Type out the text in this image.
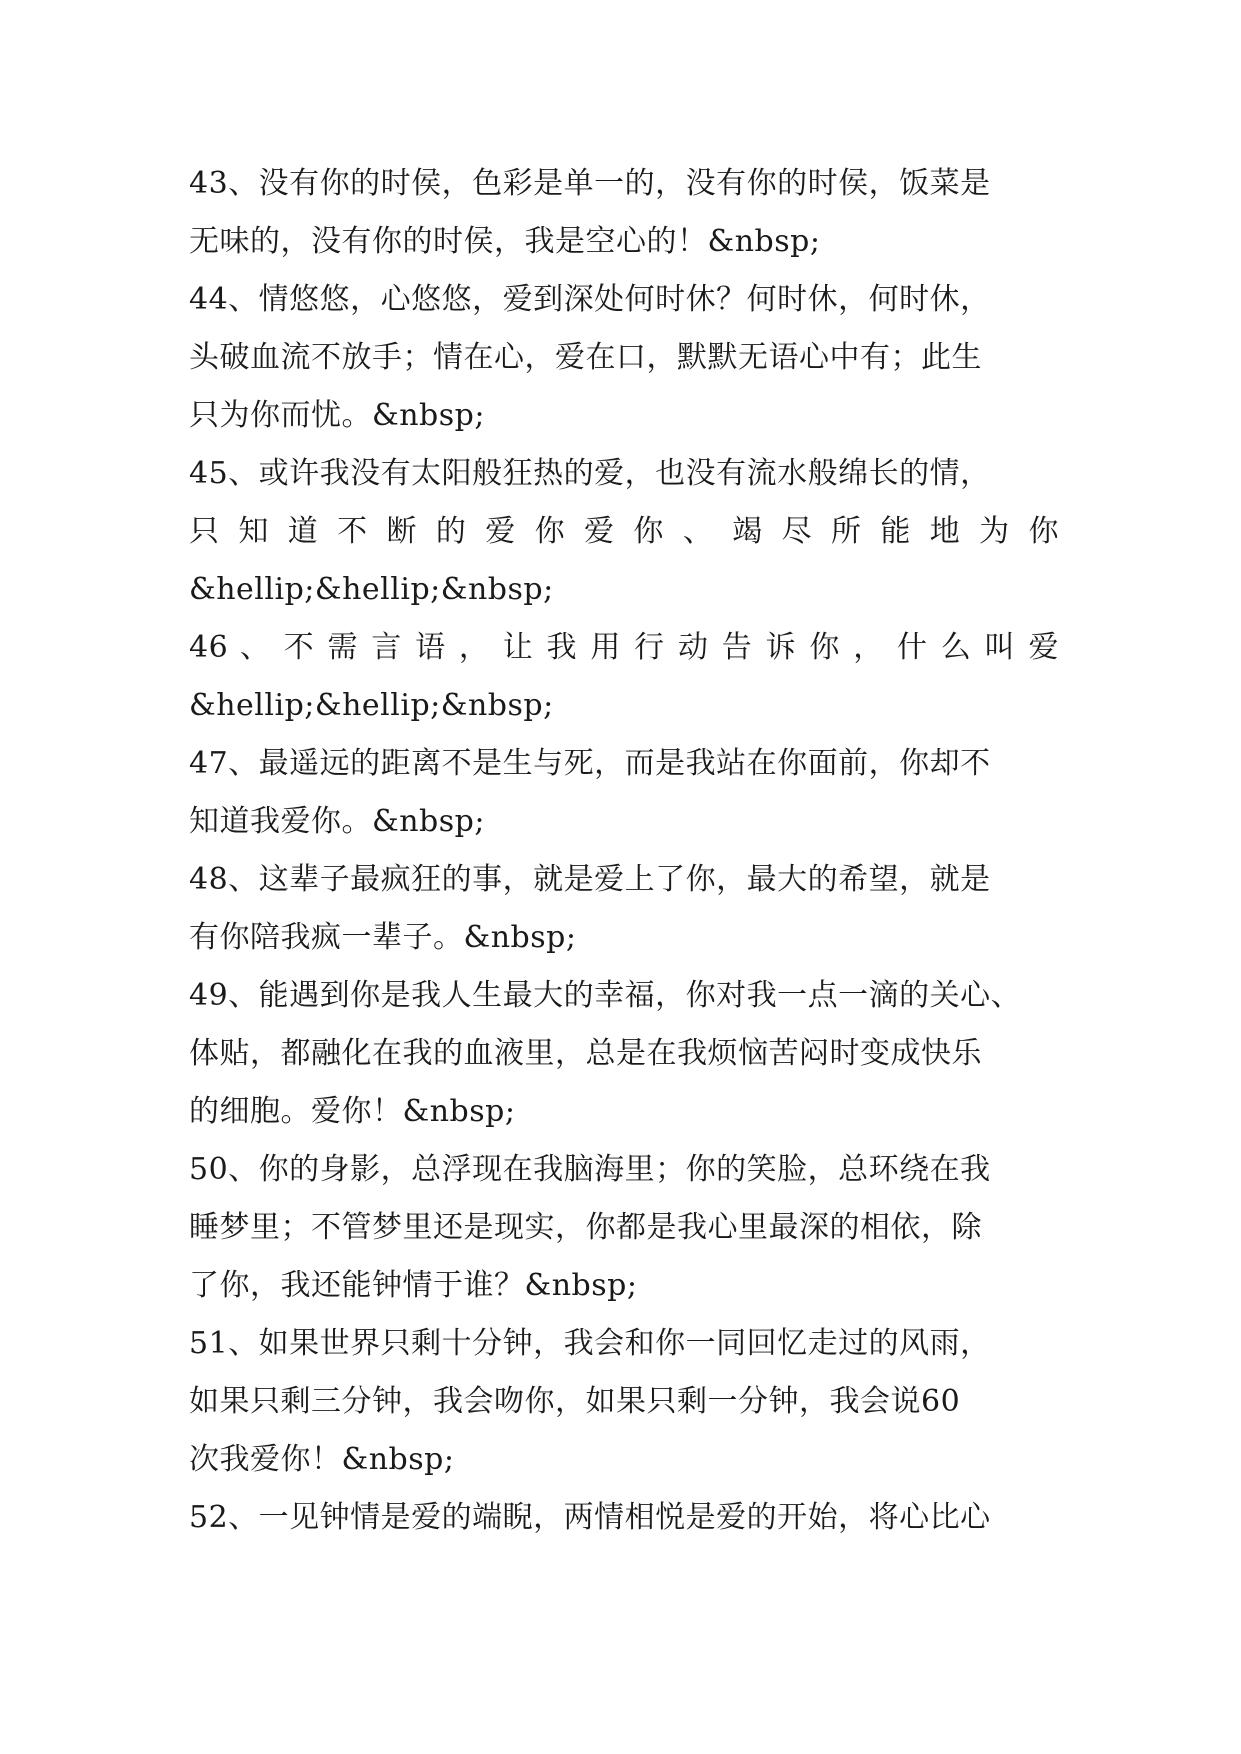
43、没有你的时侯，色彩是单一的，没有你的时侯，饭菜是
无味的，没有你的时侯，我是空心的！&nbsp;
44、情悠悠，心悠悠，爱到深处何时休？何时休，何时休，
头破血流不放手；情在心，爱在口，默默无语心中有；此生
只为你而忧。&nbsp;
45、或许我没有太阳般狂热的爱，也没有流水般绵长的情，
只 知 道 不 断 的 爱 你 爱 你 、 竭 尽 所 能 地 为 你
&hellip;&hellip;&nbsp;
46 、 不 需 言 语 ， 让 我 用 行 动 告 诉 你 ， 什 么 叫 爱
&hellip;&hellip;&nbsp;
47、最遥远的距离不是生与死，而是我站在你面前，你却不
知道我爱你。&nbsp;
48、这辈子最疯狂的事，就是爱上了你，最大的希望，就是
有你陪我疯一辈子。&nbsp;
49、能遇到你是我人生最大的幸福，你对我一点一滴的关心、
体贴，都融化在我的血液里，总是在我烦恼苦闷时变成快乐
的细胞。爱你！&nbsp;
50、你的身影，总浮现在我脑海里；你的笑脸，总环绕在我
睡梦里；不管梦里还是现实，你都是我心里最深的相依，除
了你，我还能钟情于谁？&nbsp;
51、如果世界只剩十分钟，我会和你一同回忆走过的风雨，
如果只剩三分钟，我会吻你，如果只剩一分钟，我会说60
次我爱你！&nbsp;
52、一见钟情是爱的端睨，两情相悦是爱的开始，将心比心
